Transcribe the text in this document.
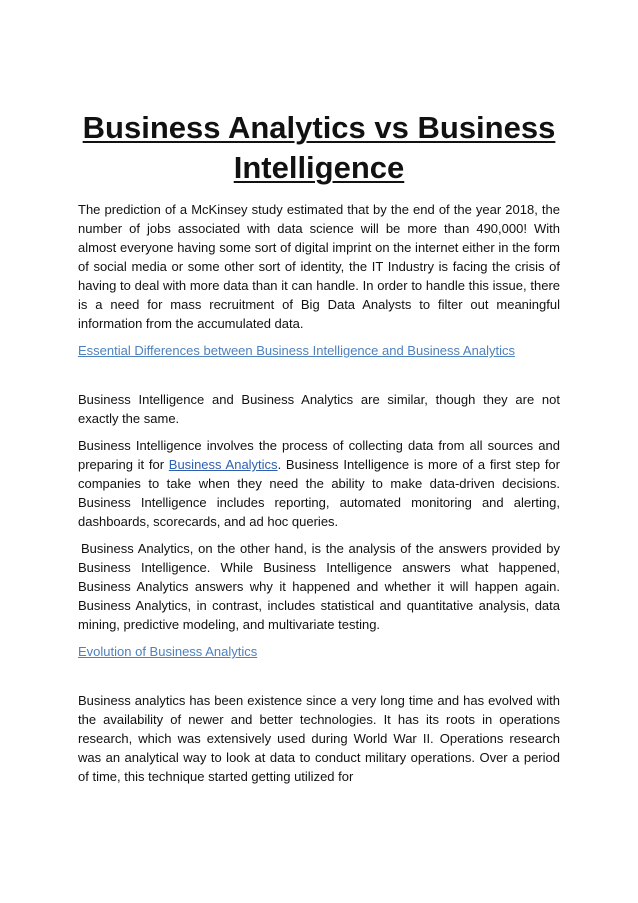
Business Analytics vs Business Intelligence

The prediction of a McKinsey study estimated that by the end of the year 2018, the number of jobs associated with data science will be more than 490,000! With almost everyone having some sort of digital imprint on the internet either in the form of social media or some other sort of identity, the IT Industry is facing the crisis of having to deal with more data than it can handle. In order to handle this issue, there is a need for mass recruitment of Big Data Analysts to filter out meaningful information from the accumulated data.

Essential Differences between Business Intelligence and Business Analytics

Business Intelligence and Business Analytics are similar, though they are not exactly the same.

Business Intelligence involves the process of collecting data from all sources and preparing it for Business Analytics. Business Intelligence is more of a first step for companies to take when they need the ability to make data-driven decisions. Business Intelligence includes reporting, automated monitoring and alerting, dashboards, scorecards, and ad hoc queries.

Business Analytics, on the other hand, is the analysis of the answers provided by Business Intelligence. While Business Intelligence answers what happened, Business Analytics answers why it happened and whether it will happen again. Business Analytics, in contrast, includes statistical and quantitative analysis, data mining, predictive modeling, and multivariate testing.

Evolution of Business Analytics

Business analytics has been existence since a very long time and has evolved with the availability of newer and better technologies. It has its roots in operations research, which was extensively used during World War II. Operations research was an analytical way to look at data to conduct military operations. Over a period of time, this technique started getting utilized for
